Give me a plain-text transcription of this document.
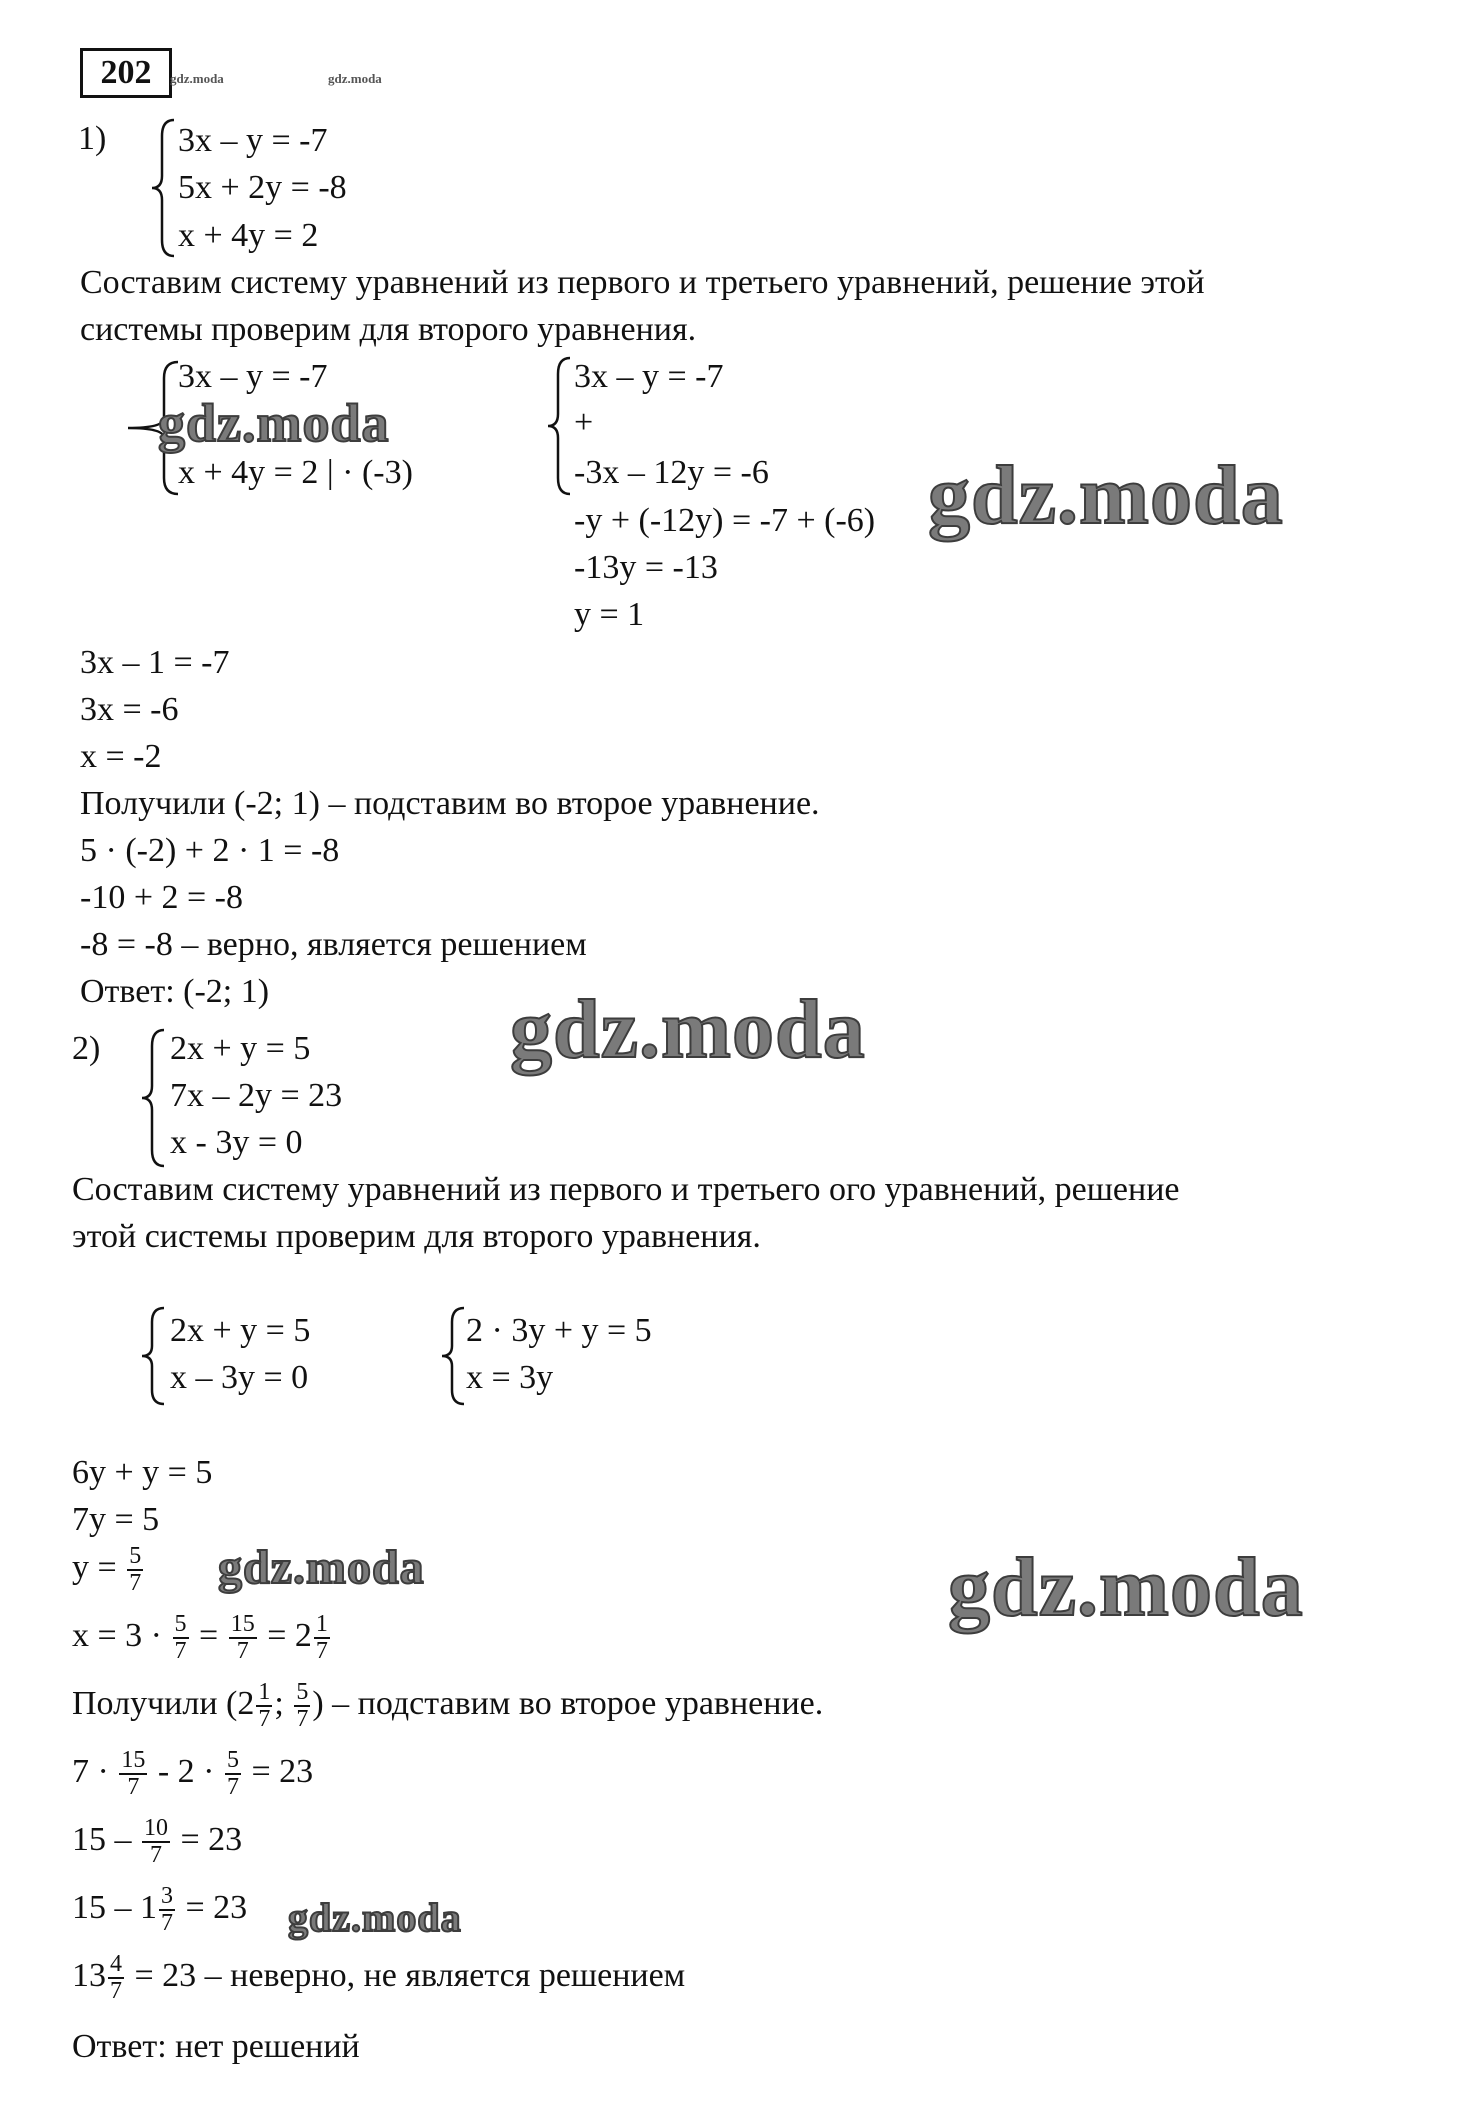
202	gdz.moda	gdz.moda
1) 3x – y = -7
5x + 2y = -8
x + 4y = 2
Составим систему уравнений из первого и третьего уравнений, решение этой
системы проверим для второго уравнения.
3x – y = -7
x + 4y = 2 | · (-3)
gdz.moda
3x – y = -7
+
-3x – 12y = -6
-y + (-12y) = -7 + (-6)
-13y = -13
y = 1
gdz.moda
3x – 1 = -7
3x = -6
x = -2
Получили (-2; 1) – подставим во второе уравнение.
5 · (-2) + 2 · 1 = -8
-10 + 2 = -8
-8 = -8 – верно, является решением
Ответ: (-2; 1)	gdz.moda
2) 2x + y = 5
7x – 2y = 23
x - 3y = 0
Составим систему уравнений из первого и третьего ого уравнений, решение
этой системы проверим для второго уравнения.
2x + y = 5
x – 3y = 0
2 · 3y + y = 5
x = 3y
6y + y = 5
7y = 5
$y = \frac{5}{7}$ gdz.moda	gdz.moda
$x = 3 \cdot \frac{5}{7} = \frac{15}{7} = 2 \frac{1}{7}$
Получили ($2 \frac{1}{7}$ ; $\frac{5}{7}$ ) – подставим во второе уравнение.
$7 \cdot \frac{15}{7} - 2 \cdot \frac{5}{7} = 23$
$15 - \frac{10}{7} = 23$
$15 - 1 \frac{3}{7} = 23$ gdz.moda
$13 \frac{4}{7} = 23$ – неверно, не является решением
Ответ: нет решений
